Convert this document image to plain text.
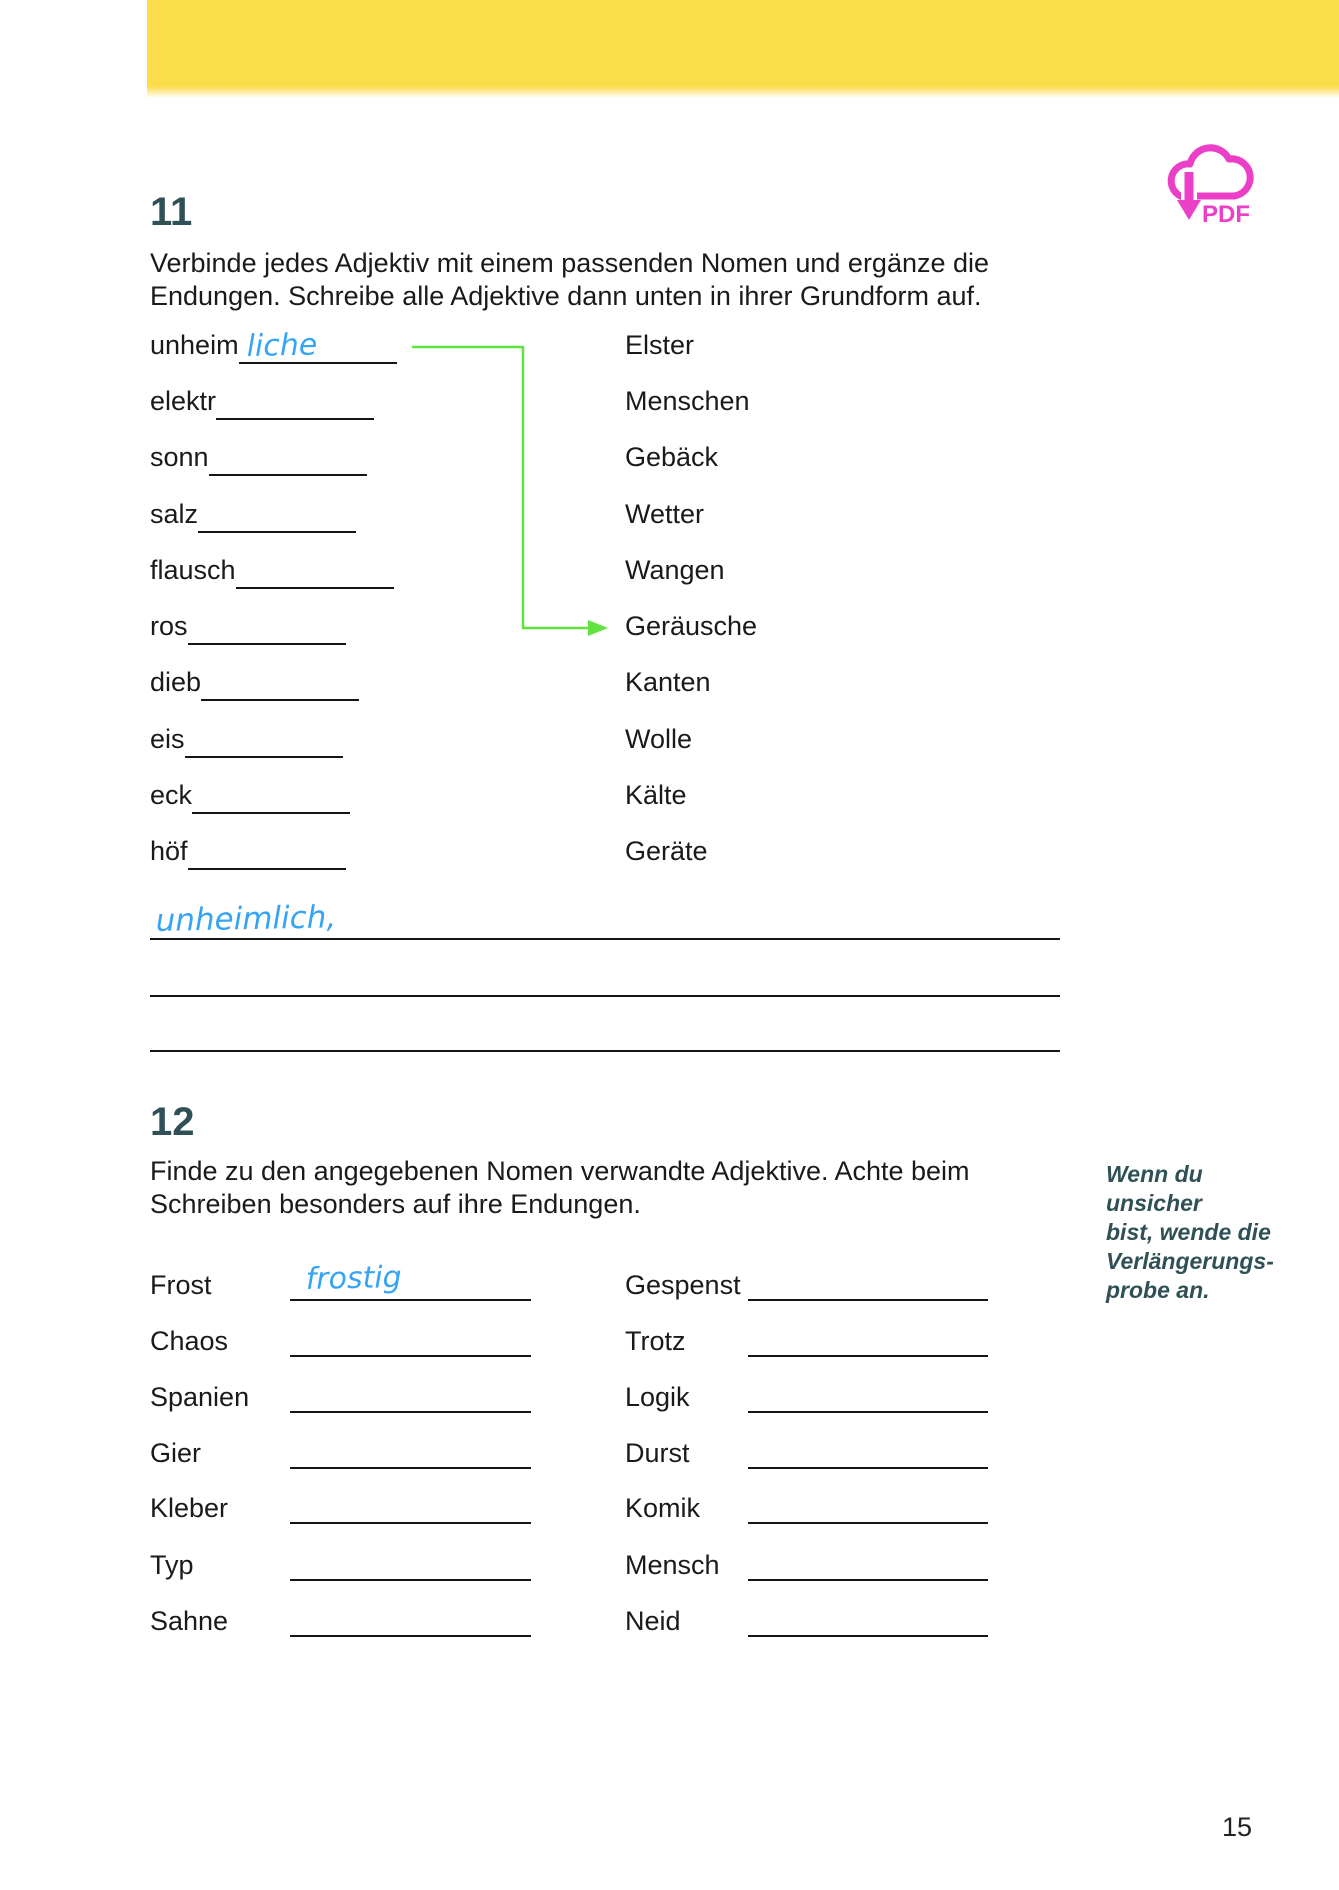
PDF
11
Verbinde jedes Adjektiv mit einem passenden Nomen und ergänze die Endungen. Schreibe alle Adjektive dann unten in ihrer Grundform auf.
unheim liche
elektr
sonn
salz
flausch
ros
dieb
eis
eck
höf
Elster
Menschen
Gebäck
Wetter
Wangen
Geräusche
Kanten
Wolle
Kälte
Geräte
unheimlich,
12
Finde zu den angegebenen Nomen verwandte Adjektive. Achte beim Schreiben besonders auf ihre Endungen.
Wenn du unsicher
bist, wende die
Verlängerungs-
probe an.
Frost
Chaos
Spanien
Gier
Kleber
Typ
Sahne
frostig	Gespenst
Trotz
Logik
Durst
Komik
Mensch
Neid
15
